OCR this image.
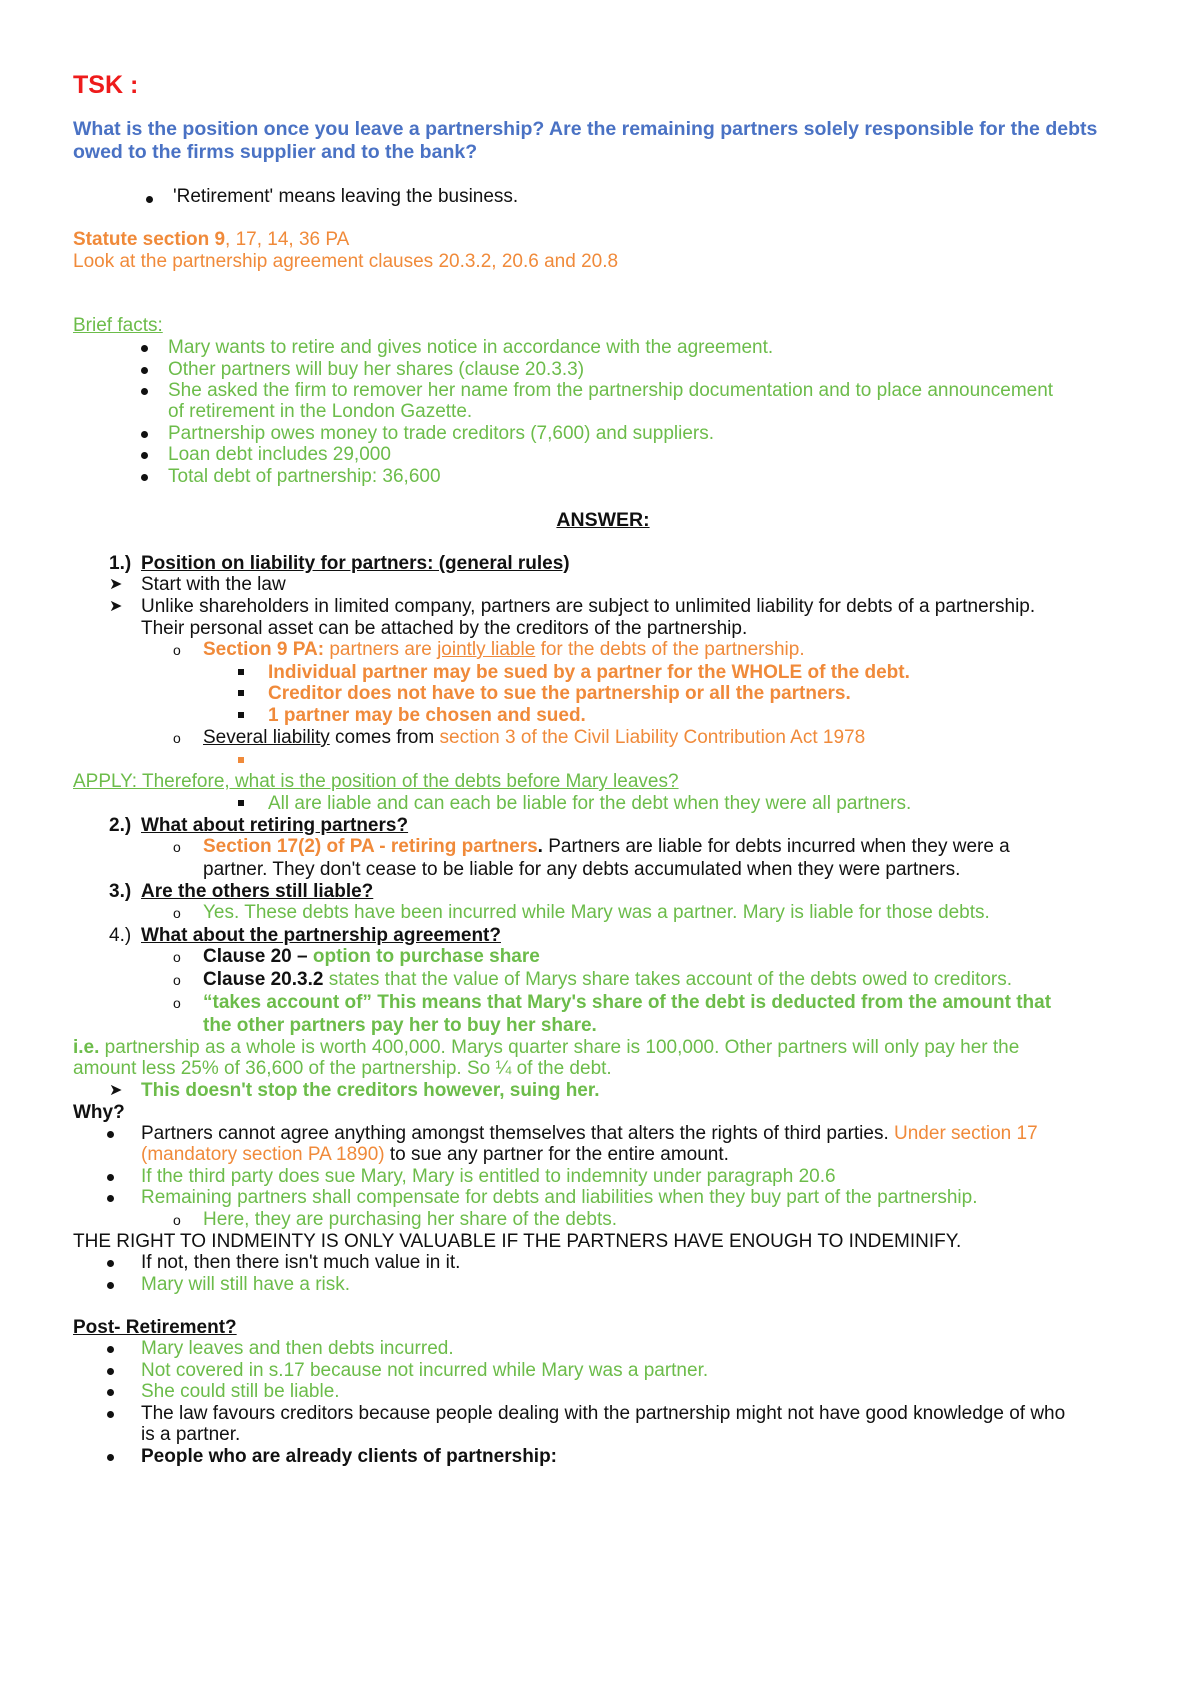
TSK :
What is the position once you leave a partnership? Are the remaining partners solely responsible for the debts owed to the firms supplier and to the bank?
'Retirement' means leaving the business.
Statute section 9, 17, 14, 36 PA
Look at the partnership agreement clauses 20.3.2, 20.6 and 20.8
Brief facts:
Mary wants to retire and gives notice in accordance with the agreement.
Other partners will buy her shares (clause 20.3.3)
She asked the firm to remover her name from the partnership documentation and to place announcement
of retirement in the London Gazette.
Partnership owes money to trade creditors (7,600) and suppliers.
Loan debt includes 29,000
Total debt of partnership: 36,600
ANSWER:
1.) Position on liability for partners: (general rules)
➤ Start with the law
➤ Unlike shareholders in limited company, partners are subject to unlimited liability for debts of a partnership.
Their personal asset can be attached by the creditors of the partnership.
o Section 9 PA: partners are jointly liable for the debts of the partnership.
Individual partner may be sued by a partner for the WHOLE of the debt.
Creditor does not have to sue the partnership or all the partners.
1 partner may be chosen and sued.
o Several liability comes from section 3 of the Civil Liability Contribution Act 1978
APPLY: Therefore, what is the position of the debts before Mary leaves?
All are liable and can each be liable for the debt when they were all partners.
2.) What about retiring partners?
o Section 17(2) of PA - retiring partners. Partners are liable for debts incurred when they were a
partner. They don't cease to be liable for any debts accumulated when they were partners.
3.) Are the others still liable?
o Yes. These debts have been incurred while Mary was a partner. Mary is liable for those debts.
4.) What about the partnership agreement?
o Clause 20 – option to purchase share
o Clause 20.3.2 states that the value of Marys share takes account of the debts owed to creditors.
o “takes account of” This means that Mary's share of the debt is deducted from the amount that
the other partners pay her to buy her share.
i.e. partnership as a whole is worth 400,000. Marys quarter share is 100,000. Other partners will only pay her the
amount less 25% of 36,600 of the partnership. So ¼ of the debt.
➤ This doesn't stop the creditors however, suing her.
Why?
Partners cannot agree anything amongst themselves that alters the rights of third parties. Under section 17
(mandatory section PA 1890) to sue any partner for the entire amount.
If the third party does sue Mary, Mary is entitled to indemnity under paragraph 20.6
Remaining partners shall compensate for debts and liabilities when they buy part of the partnership.
o Here, they are purchasing her share of the debts.
THE RIGHT TO INDMEINTY IS ONLY VALUABLE IF THE PARTNERS HAVE ENOUGH TO INDEMINIFY.
If not, then there isn't much value in it.
Mary will still have a risk.
Post- Retirement?
Mary leaves and then debts incurred.
Not covered in s.17 because not incurred while Mary was a partner.
She could still be liable.
The law favours creditors because people dealing with the partnership might not have good knowledge of who
is a partner.
People who are already clients of partnership:
